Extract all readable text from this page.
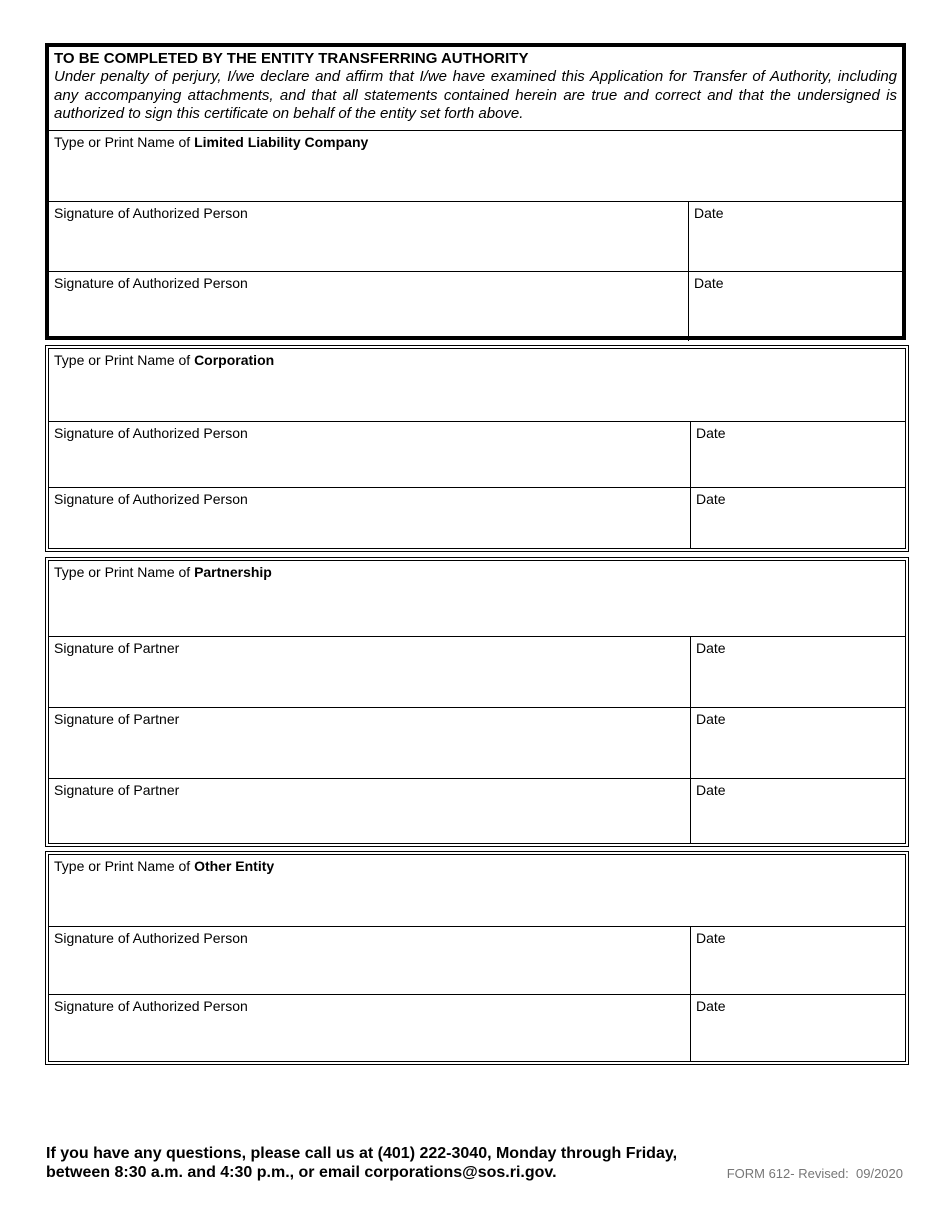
TO BE COMPLETED BY THE ENTITY TRANSFERRING AUTHORITY
Under penalty of perjury, I/we declare and affirm that I/we have examined this Application for Transfer of Authority, including any accompanying attachments, and that all statements contained herein are true and correct and that the undersigned is authorized to sign this certificate on behalf of the entity set forth above.
Type or Print Name of Limited Liability Company
Signature of Authorized Person	Date
Signature of Authorized Person	Date
Type or Print Name of Corporation
Signature of Authorized Person	Date
Signature of Authorized Person	Date
Type or Print Name of Partnership
Signature of Partner	Date
Signature of Partner	Date
Signature of Partner	Date
Type or Print Name of Other Entity
Signature of Authorized Person	Date
Signature of Authorized Person	Date
If you have any questions, please call us at (401) 222-3040, Monday through Friday, between 8:30 a.m. and 4:30 p.m., or email corporations@sos.ri.gov.	FORM 612- Revised:  09/2020
